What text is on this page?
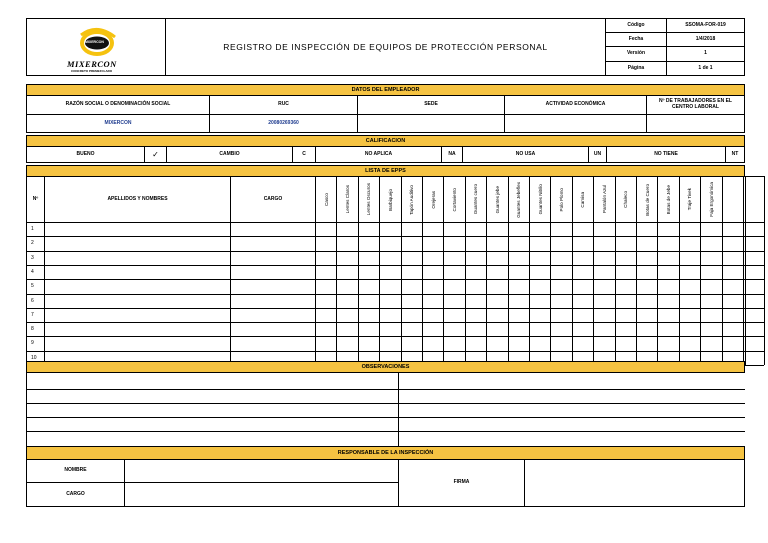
MIXERCON
MIXERCON
CONCRETO PREMEZCLADO
REGISTRO DE INSPECCIÓN DE EQUIPOS DE PROTECCIÓN PERSONAL
Código	SSOMA-FOR-019
Fecha	1/4/2018
Versión	1
Página	1 de 1
DATOS DEL EMPLEADOR
RAZÓN SOCIAL O DENOMINACIÓN SOCIAL	RUC	SEDE	ACTIVIDAD ECONÓMICA	Nº DE TRABAJADORES EN EL CENTRO LABORAL
MIXERCON	20080269360
CALIFICACION
BUENO	✓	CAMBIO	C	NO APLICA	NA	NO USA	UN	NO TIENE	NT
LISTA DE EPPS
Nº	APELLIDOS Y NOMBRES	CARGO	Casco	Lentes Claros	Lentes Oscuros	Barbiquejo	Tapón Auditivo	Orejeras	Cortaviento	Guantes cuero	Guantes jebe	Guantes Jebeflex	Guantes Nitrilo	Polo Plomo	Camisa	Pantalón Azul	Chaleco	Botas de Cuero	Botas de Jebe	Traje Tivek	Faja Ergonómica
1
2
3
4
5
6
7
8
9
10
OBSERVACIONES
RESPONSABLE DE LA INSPECCIÓN
NOMBRE
CARGO
FIRMA
